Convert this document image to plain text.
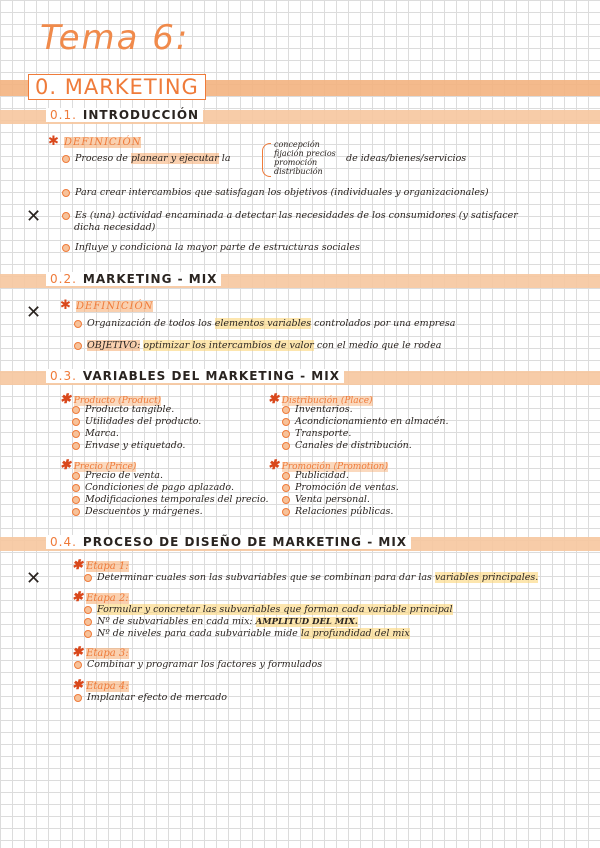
Tema 6:
0. MARKETING
0.1. INTRODUCCIÓN
✱ DEFINICIÓN
Proceso de planear y ejecutar la
concepción
fijación precios
promoción
distribución
de ideas/bienes/servicios
Para crear intercambios que satisfagan los objetivos (individuales y organizacionales)
✕	Es (una) actividad encaminada a detectar las necesidades de los consumidores (y satisfacer
dicha necesidad)
Influye y condiciona la mayor parte de estructuras sociales
0.2. MARKETING - MIX
✱ DEFINICIÓN
✕
Organización de todos los elementos variables controlados por una empresa
OBJETIVO: optimizar los intercambios de valor con el medio que le rodea
0.3. VARIABLES DEL MARKETING - MIX
✱ Producto (Product)
Producto tangible.
Utilidades del producto.
Marca.
Envase y etiquetado.
✱ Distribución (Place)
Inventarios.
Acondicionamiento en almacén.
Transporte.
Canales de distribución.
✱ Precio (Price)
Precio de venta.
Condiciones de pago aplazado.
Modificaciones temporales del precio.
Descuentos y márgenes.
✱ Promoción (Promotion)
Publicidad.
Promoción de ventas.
Venta personal.
Relaciones públicas.
0.4. PROCESO DE DISEÑO DE MARKETING - MIX
✕
✱ Etapa 1:
Determinar cuales son las subvariables que se combinan para dar las variables principales.
✱ Etapa 2:
Formular y concretar las subvariables que forman cada variable principal
Nº de subvariables en cada mix: AMPLITUD DEL MIX.
Nº de niveles para cada subvariable mide la profundidad del mix
✱ Etapa 3:
Combinar y programar los factores y formulados
✱ Etapa 4:
Implantar efecto de mercado
